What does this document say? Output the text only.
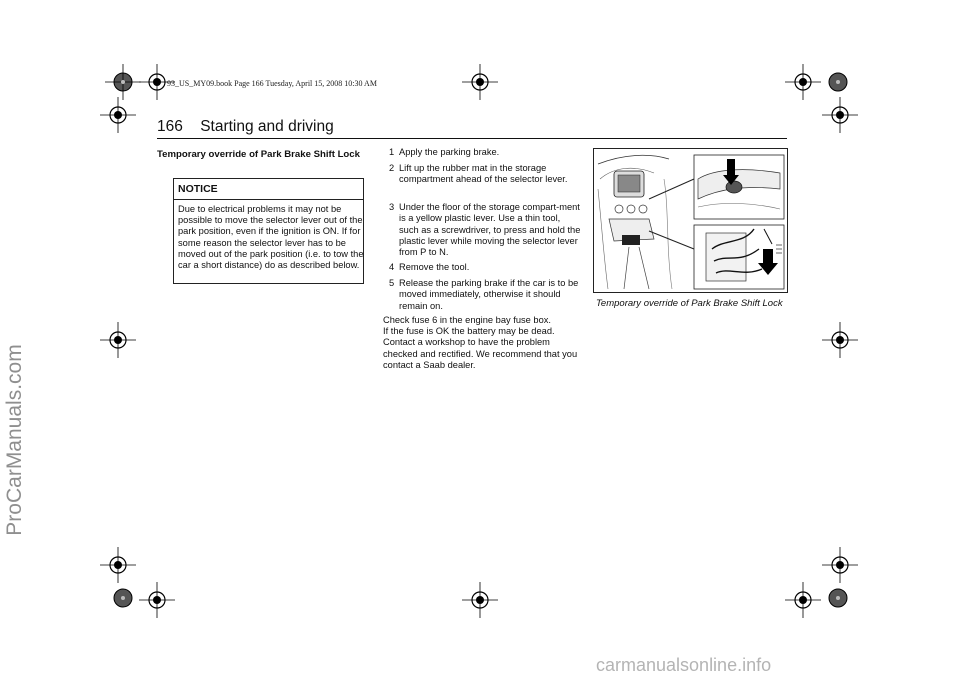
93_US_MY09.book Page 166 Tuesday, April 15, 2008 10:30 AM
166 Starting and driving
Temporary override of Park Brake Shift Lock
NOTICE
Due to electrical problems it may not be possible to move the selector lever out of the park position, even if the ignition is ON. If for some reason the selector lever has to be moved out of the park position (i.e. to tow the car a short distance) do as described below.
1 Apply the parking brake.
2 Lift up the rubber mat in the storage compartment ahead of the selector lever.
3 Under the floor of the storage compart-ment is a yellow plastic lever. Use a thin tool, such as a screwdriver, to press and hold the plastic lever while moving the selector lever from P to N.
4 Remove the tool.
5 Release the parking brake if the car is to be moved immediately, otherwise it should remain on.

Check fuse 6 in the engine bay fuse box.

If the fuse is OK the battery may be dead. Contact a workshop to have the problem checked and rectified. We recommend that you contact a Saab dealer.

Temporary override of Park Brake Shift Lock
ProCarManuals.com
carmanualsonline.info
